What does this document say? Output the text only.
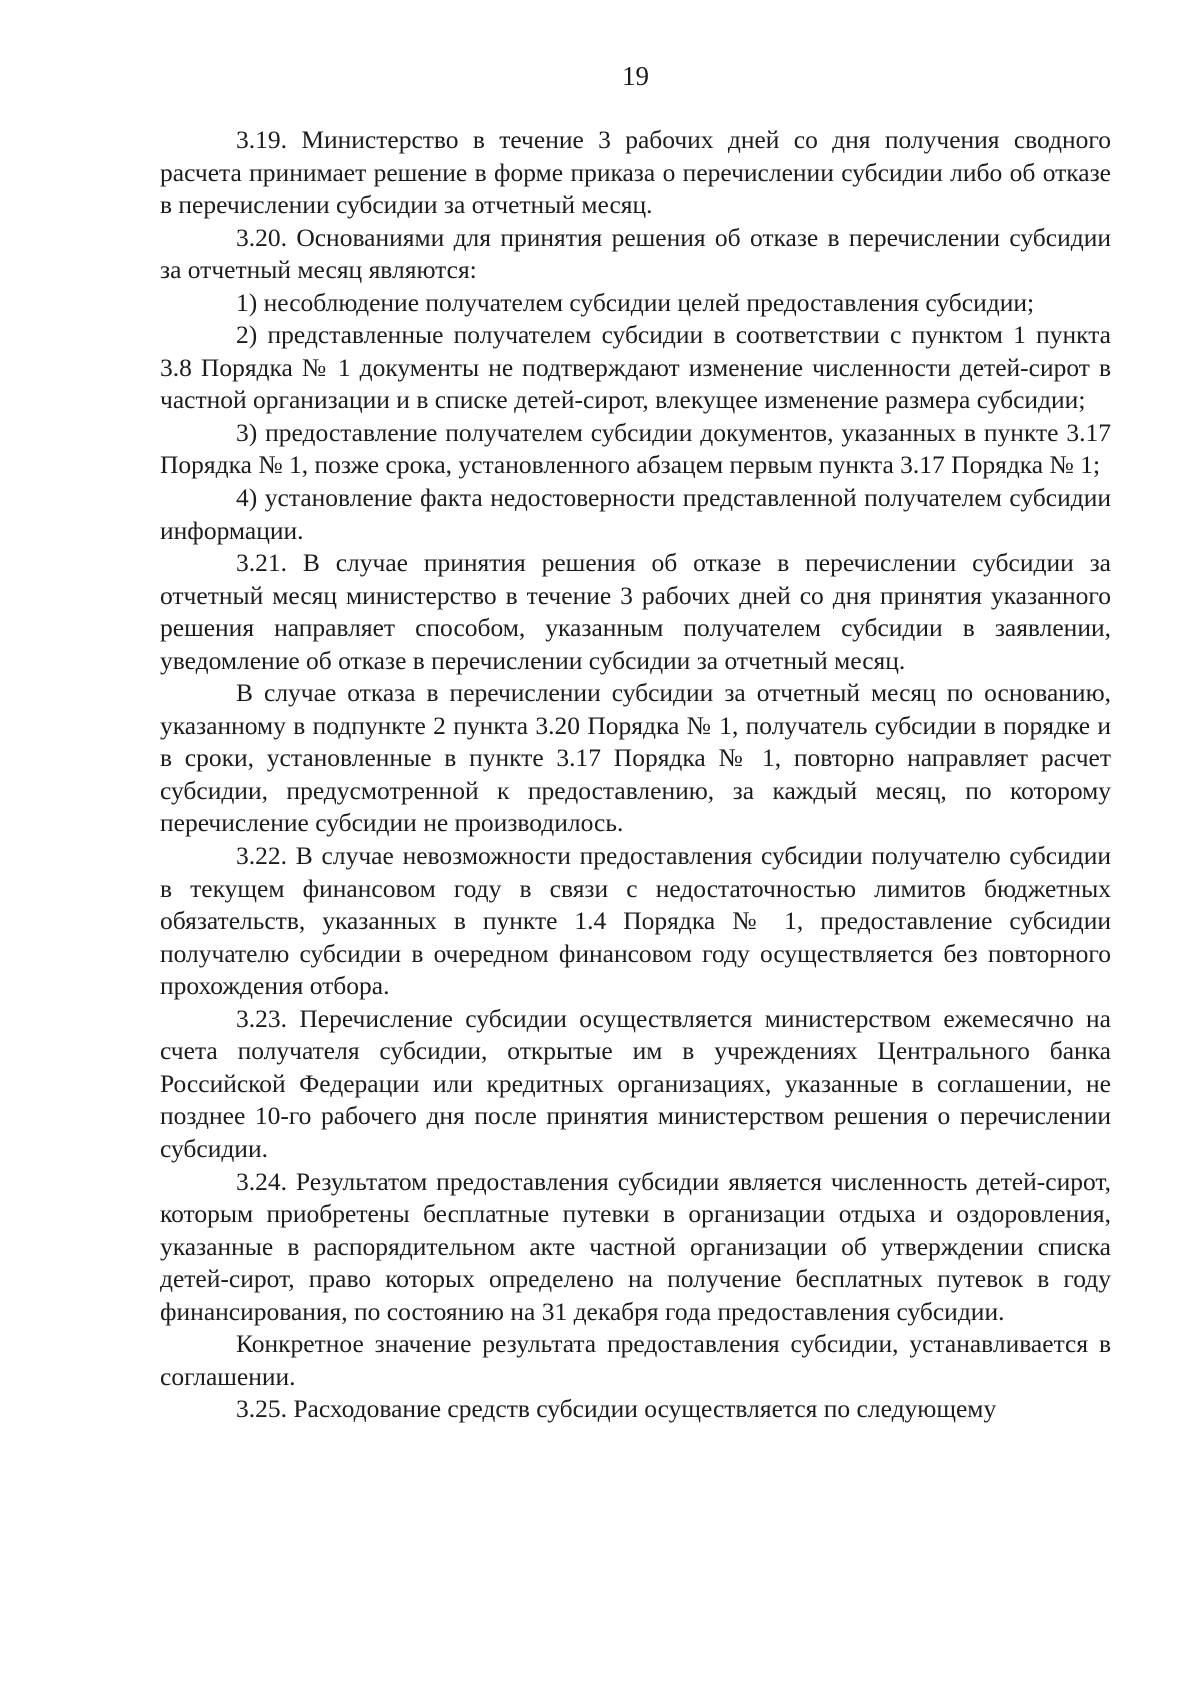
19

3.19. Министерство в течение 3 рабочих дней со дня получения сводного расчета принимает решение в форме приказа о перечислении субсидии либо об отказе в перечислении субсидии за отчетный месяц.

3.20. Основаниями для принятия решения об отказе в перечислении субсидии за отчетный месяц являются:

1) несоблюдение получателем субсидии целей предоставления субсидии;

2) представленные получателем субсидии в соответствии с пунктом 1 пункта 3.8 Порядка № 1 документы не подтверждают изменение численности детей-сирот в частной организации и в списке детей-сирот, влекущее изменение размера субсидии;

3) предоставление получателем субсидии документов, указанных в пункте 3.17 Порядка № 1, позже срока, установленного абзацем первым пункта 3.17 Порядка № 1;

4) установление факта недостоверности представленной получателем субсидии информации.

3.21. В случае принятия решения об отказе в перечислении субсидии за отчетный месяц министерство в течение 3 рабочих дней со дня принятия указанного решения направляет способом, указанным получателем субсидии в заявлении, уведомление об отказе в перечислении субсидии за отчетный месяц.

В случае отказа в перечислении субсидии за отчетный месяц по основанию, указанному в подпункте 2 пункта 3.20 Порядка № 1, получатель субсидии в порядке и в сроки, установленные в пункте 3.17 Порядка № 1, повторно направляет расчет субсидии, предусмотренной к предоставлению, за каждый месяц, по которому перечисление субсидии не производилось.

3.22. В случае невозможности предоставления субсидии получателю субсидии в текущем финансовом году в связи с недостаточностью лимитов бюджетных обязательств, указанных в пункте 1.4 Порядка № 1, предоставление субсидии получателю субсидии в очередном финансовом году осуществляется без повторного прохождения отбора.

3.23. Перечисление субсидии осуществляется министерством ежемесячно на счета получателя субсидии, открытые им в учреждениях Центрального банка Российской Федерации или кредитных организациях, указанные в соглашении, не позднее 10-го рабочего дня после принятия министерством решения о перечислении субсидии.

3.24. Результатом предоставления субсидии является численность детей-сирот, которым приобретены бесплатные путевки в организации отдыха и оздоровления, указанные в распорядительном акте частной организации об утверждении списка детей-сирот, право которых определено на получение бесплатных путевок в году финансирования, по состоянию на 31 декабря года предоставления субсидии.

Конкретное значение результата предоставления субсидии, устанавливается в соглашении.

3.25. Расходование средств субсидии осуществляется по следующему
